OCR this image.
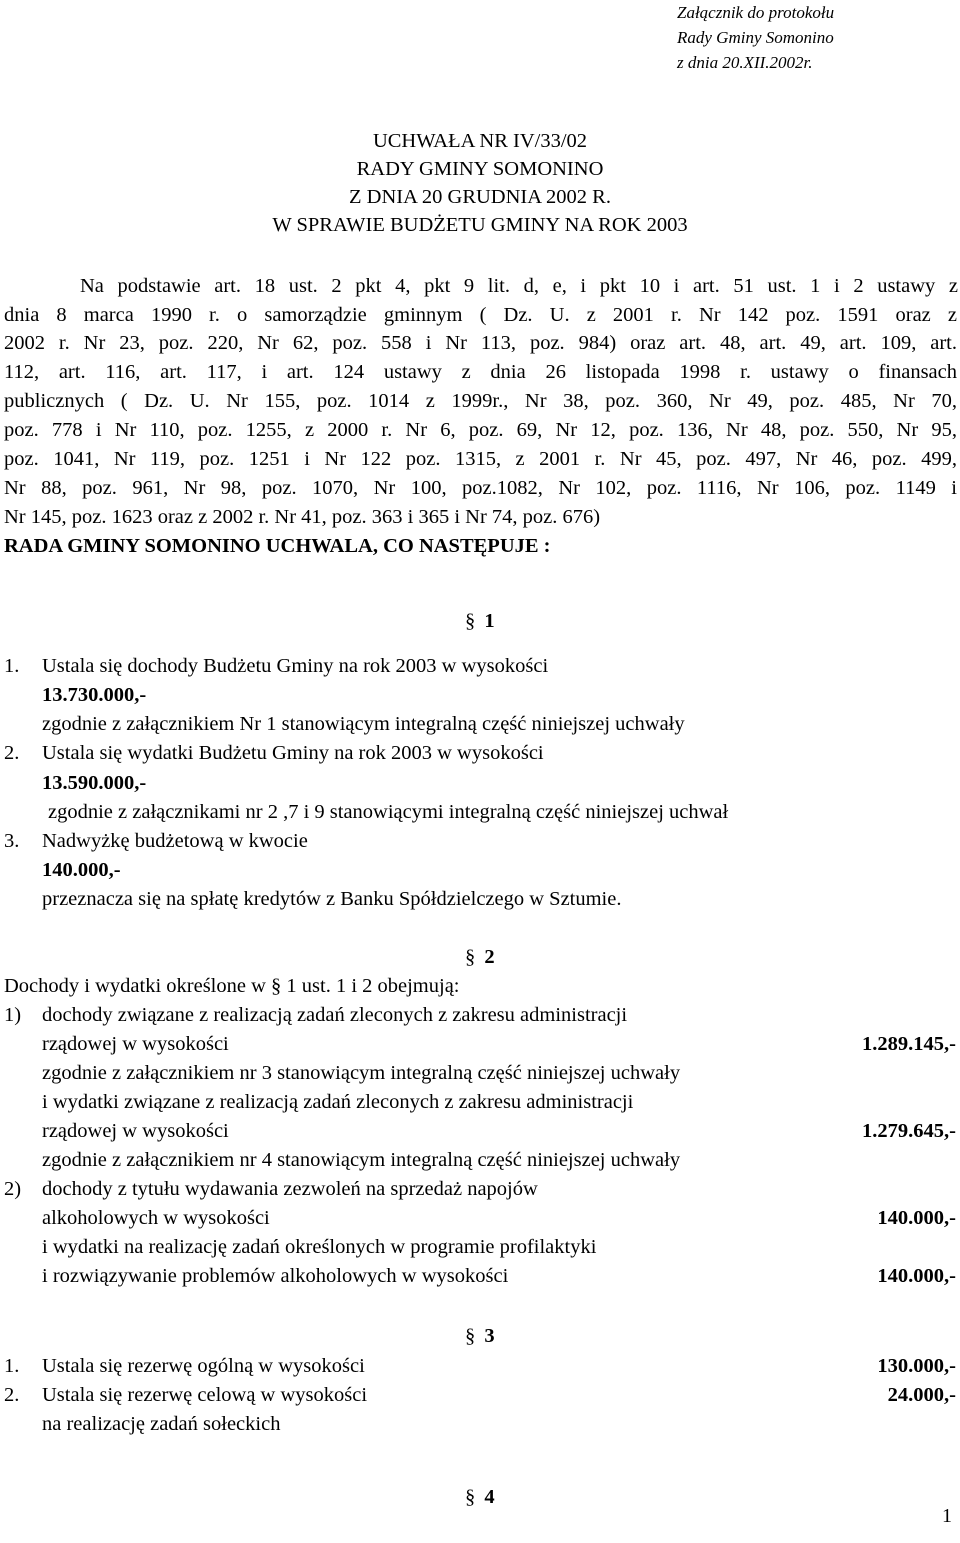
Załącznik do protokołu
Rady Gminy Somonino
z dnia 20.XII.2002r.
UCHWAŁA NR IV/33/02
RADY GMINY SOMONINO
Z DNIA 20 GRUDNIA 2002 R.
W SPRAWIE BUDŻETU GMINY NA ROK 2003
Na podstawie art. 18 ust. 2 pkt 4, pkt 9 lit. d, e, i pkt 10 i art. 51 ust. 1 i 2 ustawy z
dnia 8 marca 1990 r. o samorządzie gminnym ( Dz. U. z 2001 r. Nr 142 poz. 1591 oraz z
2002 r. Nr 23, poz. 220, Nr 62, poz. 558 i Nr 113, poz. 984) oraz art. 48, art. 49, art. 109, art.
112, art. 116, art. 117, i art. 124 ustawy z dnia 26 listopada 1998 r. ustawy o finansach
publicznych ( Dz. U. Nr 155, poz. 1014 z 1999r., Nr 38, poz. 360, Nr 49, poz. 485, Nr 70,
poz. 778 i Nr 110, poz. 1255, z 2000 r. Nr 6, poz. 69, Nr 12, poz. 136, Nr 48, poz. 550, Nr 95,
poz. 1041, Nr 119, poz. 1251 i Nr 122 poz. 1315, z 2001 r. Nr 45, poz. 497, Nr 46, poz. 499,
Nr 88, poz. 961, Nr 98, poz. 1070, Nr 100, poz.1082, Nr 102, poz. 1116, Nr 106, poz. 1149 i
Nr 145, poz. 1623 oraz z 2002 r. Nr 41, poz. 363 i 365 i Nr 74, poz. 676)
RADA GMINY SOMONINO UCHWALA, CO NASTĘPUJE :
§ 1
1. Ustala się dochody Budżetu Gminy na rok 2003 w wysokości
13.730.000,-
zgodnie z załącznikiem Nr 1 stanowiącym integralną część niniejszej uchwały
2. Ustala się wydatki Budżetu Gminy na rok 2003 w wysokości
13.590.000,-
zgodnie z załącznikami nr 2 ,7 i 9 stanowiącymi integralną część niniejszej uchwał
3. Nadwyżkę budżetową w kwocie
140.000,-
przeznacza się na spłatę kredytów z Banku Spółdzielczego w Sztumie.
§ 2
Dochody i wydatki określone w § 1 ust. 1 i 2 obejmują:
1) dochody związane z realizacją zadań zleconych z zakresu administracji
rządowej w wysokości	1.289.145,-
zgodnie z załącznikiem nr 3 stanowiącym integralną część niniejszej uchwały
i wydatki związane z realizacją zadań zleconych z zakresu administracji
rządowej w wysokości	1.279.645,-
zgodnie z załącznikiem nr 4 stanowiącym integralną część niniejszej uchwały
2) dochody z tytułu wydawania zezwoleń na sprzedaż napojów
alkoholowych w wysokości	140.000,-
i wydatki na realizację zadań określonych w programie profilaktyki
i rozwiązywanie problemów alkoholowych w wysokości	140.000,-
§ 3
1. Ustala się rezerwę ogólną w wysokości	130.000,-
2. Ustala się rezerwę celową w wysokości	24.000,-
na realizację zadań sołeckich
§ 4
1
